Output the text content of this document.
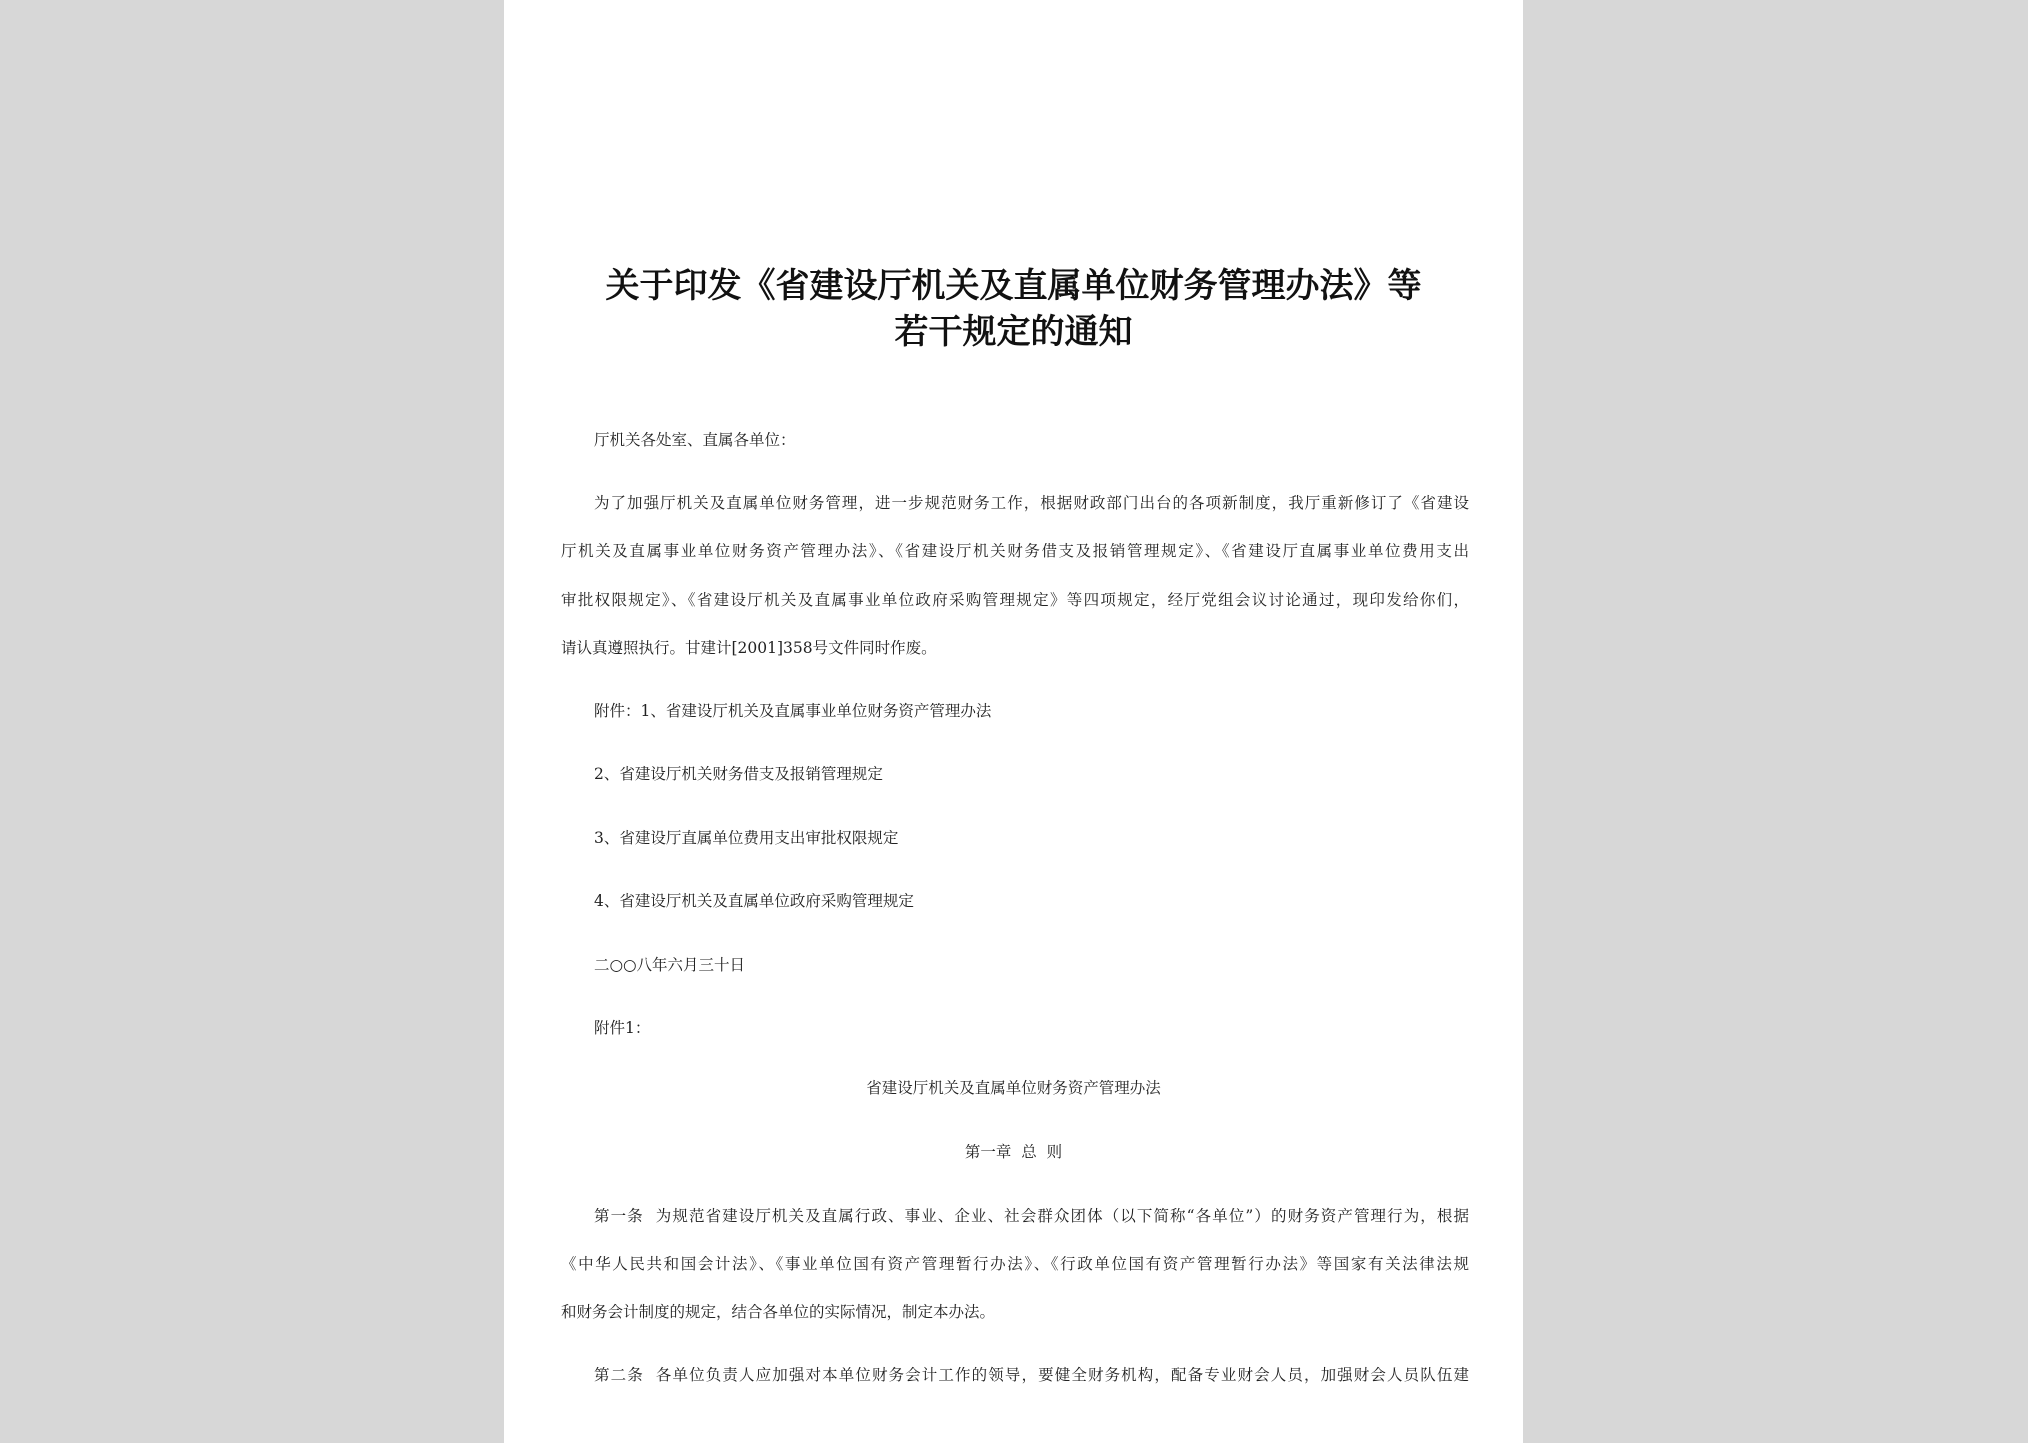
关于印发《省建设厅机关及直属单位财务管理办法》等
若干规定的通知
厅机关各处室、直属各单位：
为了加强厅机关及直属单位财务管理，进一步规范财务工作，根据财政部门出台的各项新制度，我厅重新修订了《省建设
厅机关及直属事业单位财务资产管理办法》、《省建设厅机关财务借支及报销管理规定》、《省建设厅直属事业单位费用支出
审批权限规定》、《省建设厅机关及直属事业单位政府采购管理规定》等四项规定，经厅党组会议讨论通过，现印发给你们，
请认真遵照执行。甘建计[2001]358号文件同时作废。
附件：1、省建设厅机关及直属事业单位财务资产管理办法
2、省建设厅机关财务借支及报销管理规定
3、省建设厅直属单位费用支出审批权限规定
4、省建设厅机关及直属单位政府采购管理规定
二○○八年六月三十日
附件1：
省建设厅机关及直属单位财务资产管理办法
第一章  总  则
第一条  为规范省建设厅机关及直属行政、事业、企业、社会群众团体（以下简称“各单位”）的财务资产管理行为，根据
《中华人民共和国会计法》、《事业单位国有资产管理暂行办法》、《行政单位国有资产管理暂行办法》等国家有关法律法规
和财务会计制度的规定，结合各单位的实际情况，制定本办法。
第二条  各单位负责人应加强对本单位财务会计工作的领导，要健全财务机构，配备专业财会人员，加强财会人员队伍建
